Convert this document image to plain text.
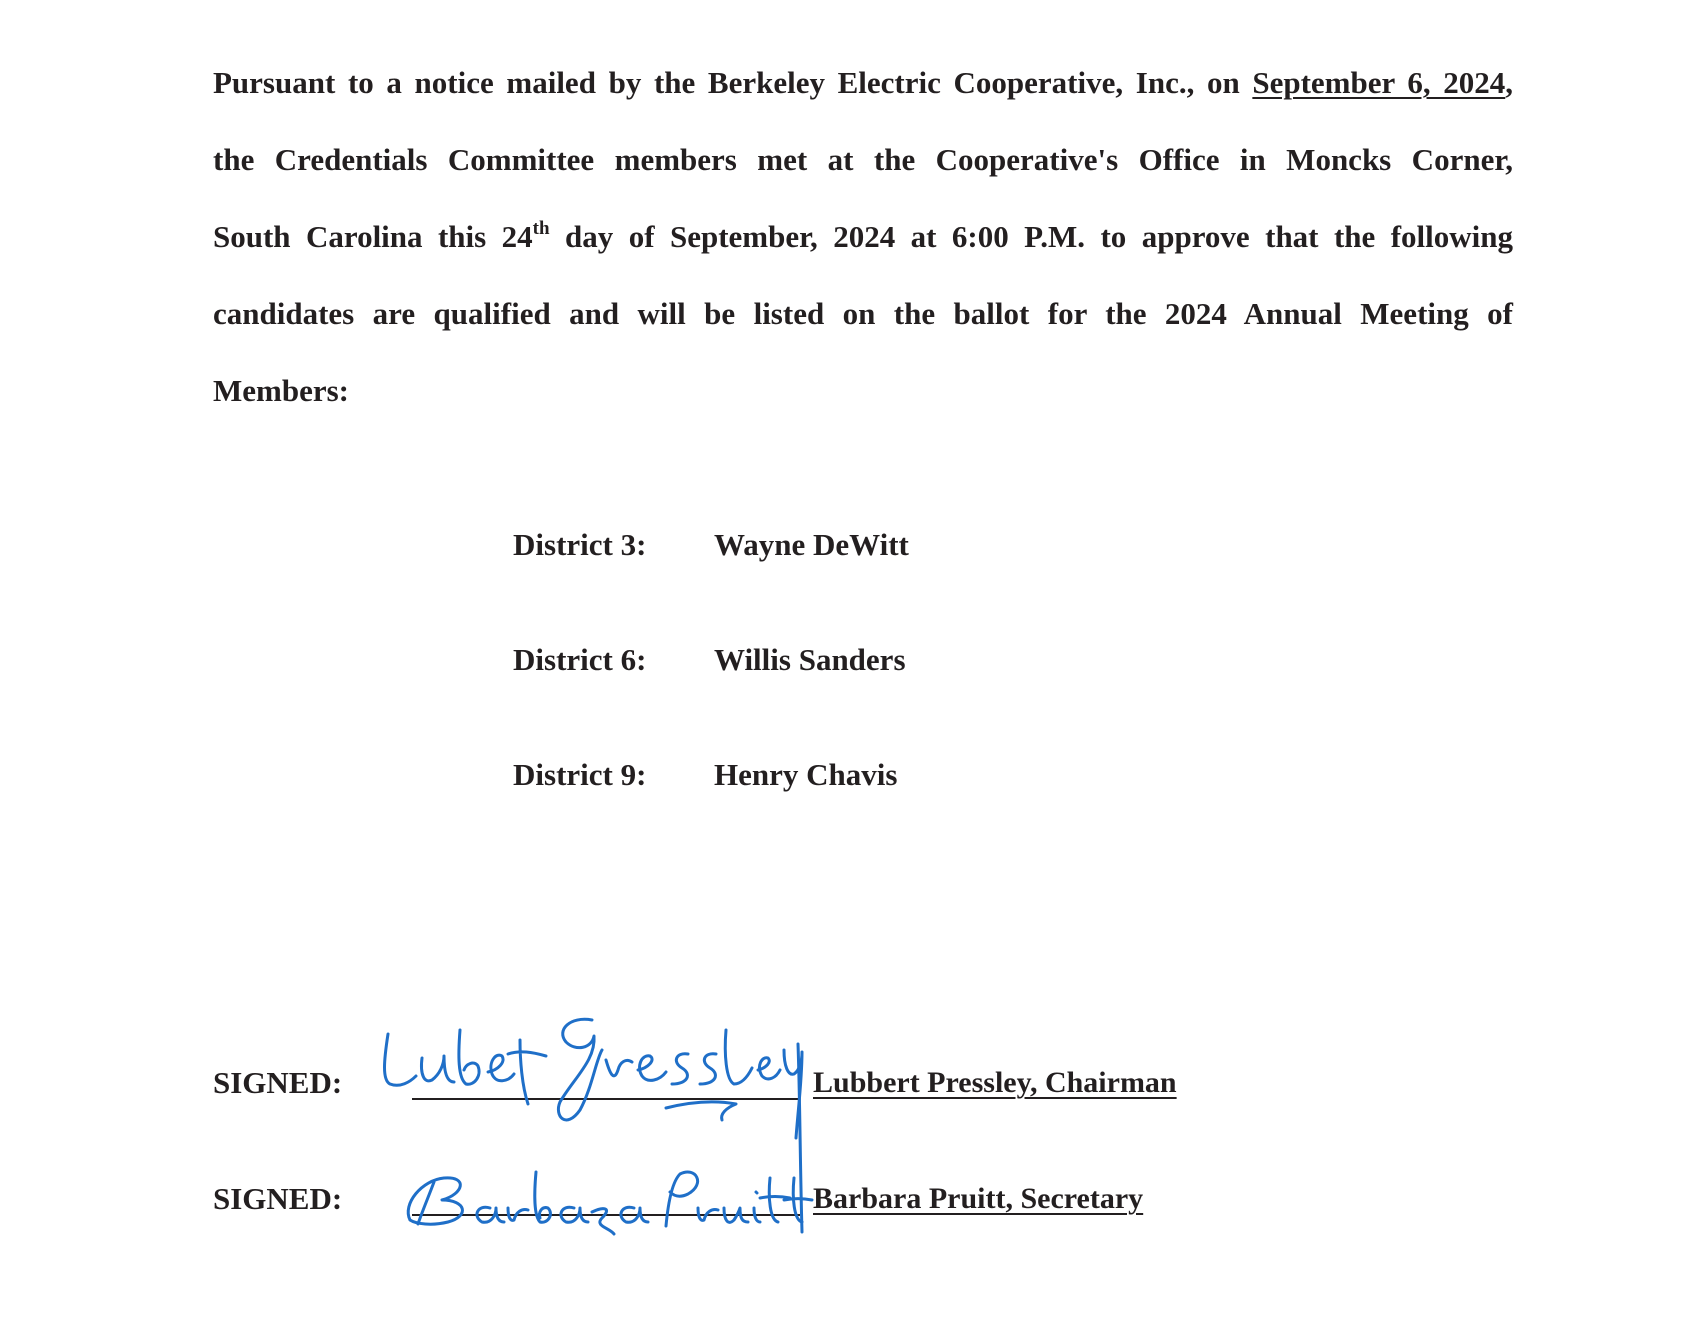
Pursuant to a notice mailed by the Berkeley Electric Cooperative, Inc., on September 6, 2024,
the Credentials Committee members met at the Cooperative's Office in Moncks Corner,
South Carolina this 24th day of September, 2024 at 6:00 P.M. to approve that the following
candidates are qualified and will be listed on the ballot for the 2024 Annual Meeting of
Members:
District 3: Wayne DeWitt
District 6: Willis Sanders
District 9: Henry Chavis
SIGNED:	Lubbert Pressley, Chairman
SIGNED:	Barbara Pruitt, Secretary
